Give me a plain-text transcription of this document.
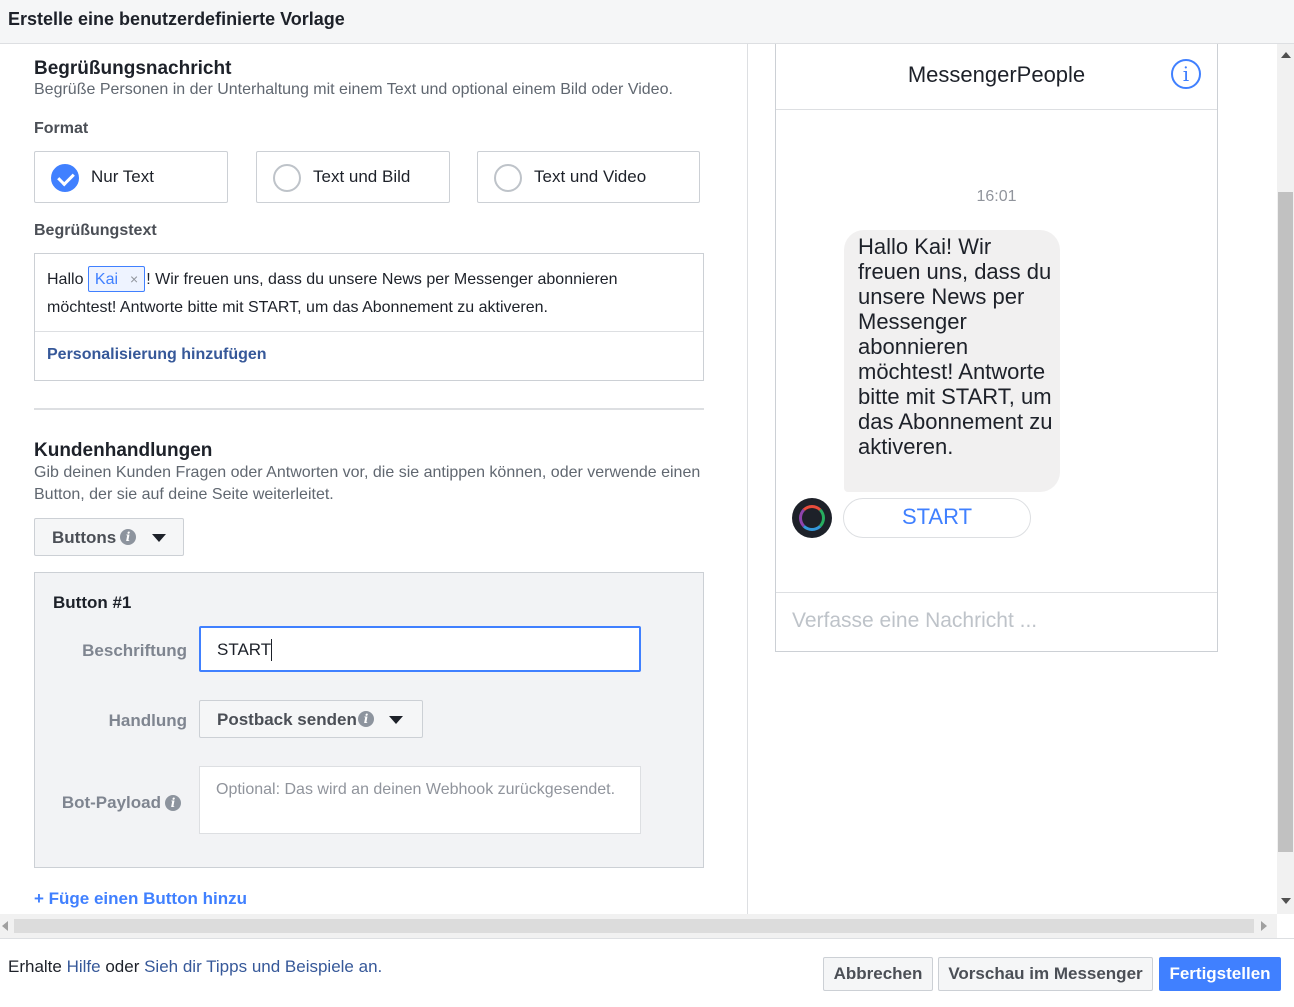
Erstelle eine benutzerdefinierte Vorlage
Begrüßungsnachricht
Begrüße Personen in der Unterhaltung mit einem Text und optional einem Bild oder Video.
Format
Nur Text	Text und Bild	Text und Video
Begrüßungstext
Hallo Kai × ! Wir freuen uns, dass du unsere News per Messenger abonnieren möchtest! Antworte bitte mit START, um das Abonnement zu aktiveren.
Personalisierung hinzufügen
Kundenhandlungen
Gib deinen Kunden Fragen oder Antworten vor, die sie antippen können, oder verwende einen Button, der sie auf deine Seite weiterleitet.
Buttons i
Button #1
Beschriftung START
Handlung Postback senden i
Bot-Payload i
Optional: Das wird an deinen Webhook zurückgesendet.
+ Füge einen Button hinzu
MessengerPeople	i
16:01
Hallo Kai! Wir freuen uns, dass du unsere News per Messenger abonnieren möchtest! Antworte bitte mit START, um das Abonnement zu aktiveren.
START
Verfasse eine Nachricht ...
Erhalte Hilfe oder Sieh dir Tipps und Beispiele an.	Abbrechen	Vorschau im Messenger	Fertigstellen
